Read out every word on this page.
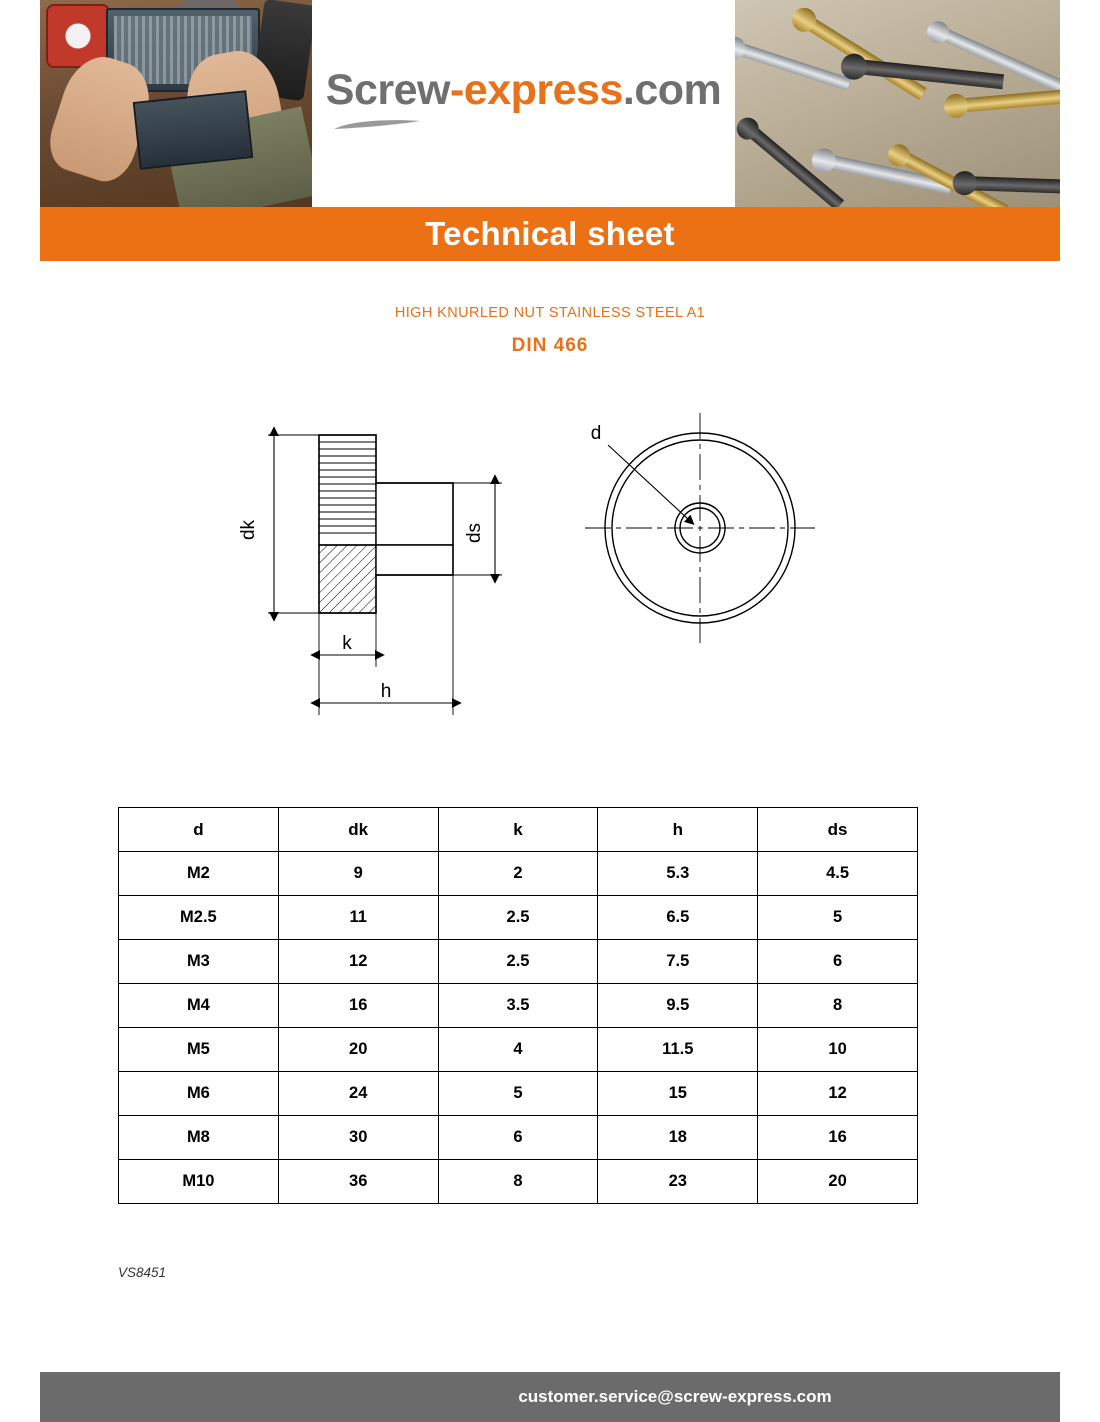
Screw-express.com
Technical sheet
HIGH KNURLED NUT STAINLESS STEEL A1
DIN 466
dk	ds
k
h
d
d	dk	k	h	ds
M2	9	2	5.3	4.5
M2.5	11	2.5	6.5	5
M3	12	2.5	7.5	6
M4	16	3.5	9.5	8
M5	20	4	11.5	10
M6	24	5	15	12
M8	30	6	18	16
M10	36	8	23	20
VS8451
customer.service@screw-express.com
